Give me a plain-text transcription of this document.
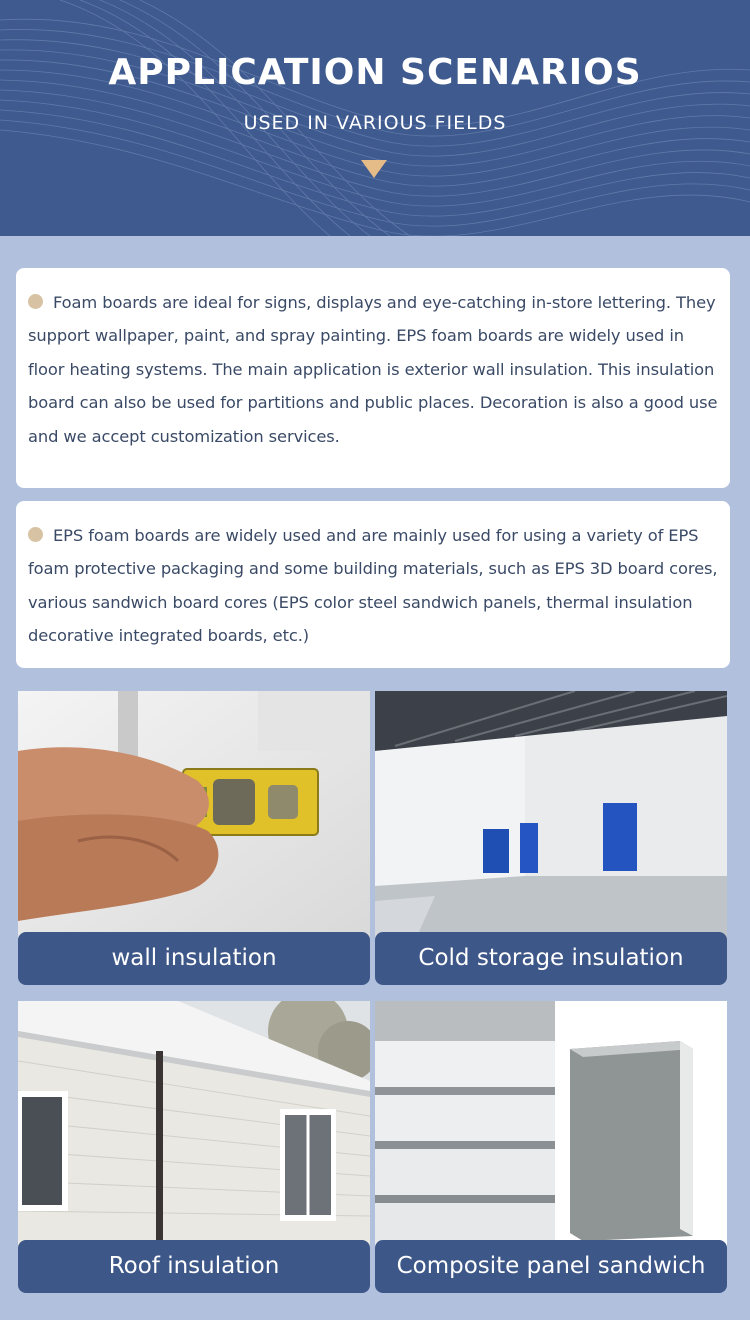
APPLICATION SCENARIOS
USED IN VARIOUS FIELDS

Foam boards are ideal for signs, displays and eye-catching in-store lettering. They support wallpaper, paint, and spray painting. EPS foam boards are widely used in floor heating systems. The main application is exterior wall insulation. This insulation board can also be used for partitions and public places. Decoration is also a good use and we accept customization services.

EPS foam boards are widely used and are mainly used for using a variety of EPS foam protective packaging and some building materials, such as EPS 3D board cores, various sandwich board cores (EPS color steel sandwich panels, thermal insulation decorative integrated boards, etc.)

wall insulation	Cold storage insulation
Roof insulation	Composite panel sandwich
